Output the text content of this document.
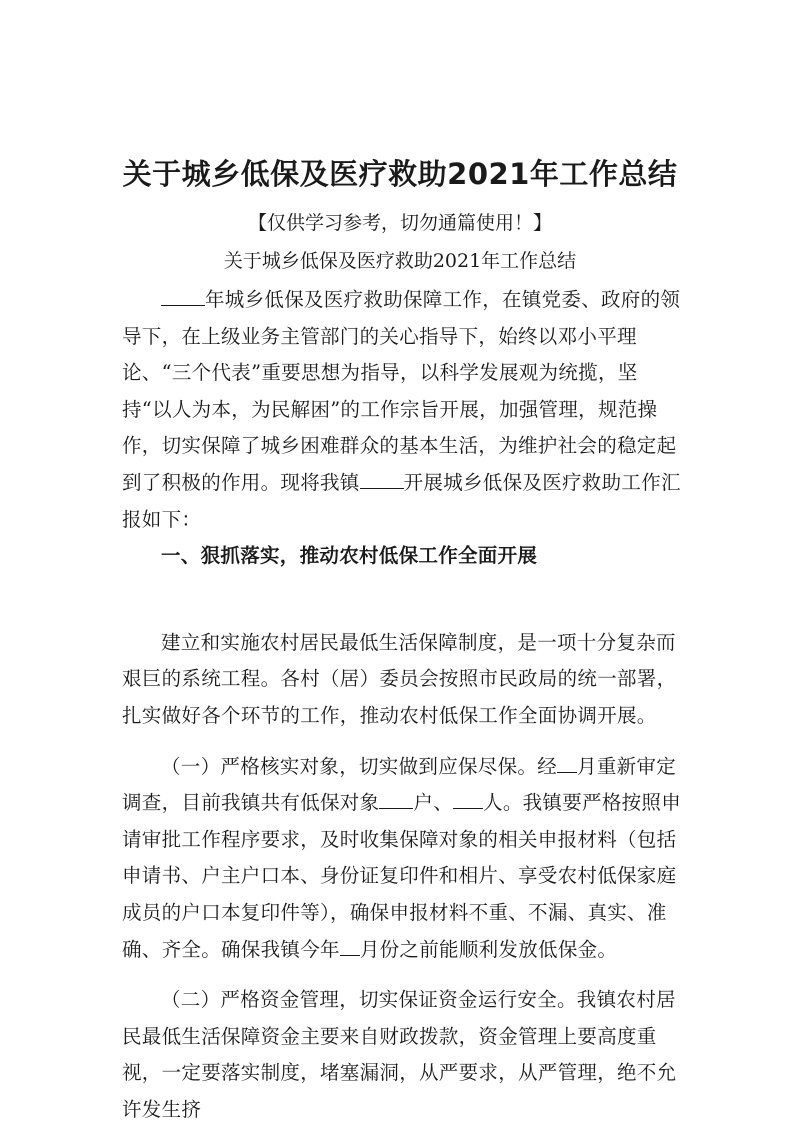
关于城乡低保及医疗救助2021年工作总结
【仅供学习参考，切勿通篇使用！】
关于城乡低保及医疗救助2021年工作总结

年城乡低保及医疗救助保障工作，在镇党委、政府的领导下，在上级业务主管部门的关心指导下，始终以邓小平理论、“三个代表”重要思想为指导，以科学发展观为统揽，坚持“以人为本，为民解困”的工作宗旨开展，加强管理，规范操作，切实保障了城乡困难群众的基本生活，为维护社会的稳定起到了积极的作用。现将我镇 开展城乡低保及医疗救助工作汇报如下：

一、狠抓落实，推动农村低保工作全面开展

建立和实施农村居民最低生活保障制度，是一项十分复杂而艰巨的系统工程。各村（居）委员会按照市民政局的统一部署，扎实做好各个环节的工作，推动农村低保工作全面协调开展。

（一）严格核实对象，切实做到应保尽保。经 月重新审定调查，目前我镇共有低保对象 户、 人。我镇要严格按照申请审批工作程序要求，及时收集保障对象的相关申报材料（包括申请书、户主户口本、身份证复印件和相片、享受农村低保家庭成员的户口本复印件等），确保申报材料不重、不漏、真实、准确、齐全。确保我镇今年 月份之前能顺利发放低保金。

（二）严格资金管理，切实保证资金运行安全。我镇农村居民最低生活保障资金主要来自财政拨款，资金管理上要高度重视，一定要落实制度，堵塞漏洞，从严要求，从严管理，绝不允许发生挤
